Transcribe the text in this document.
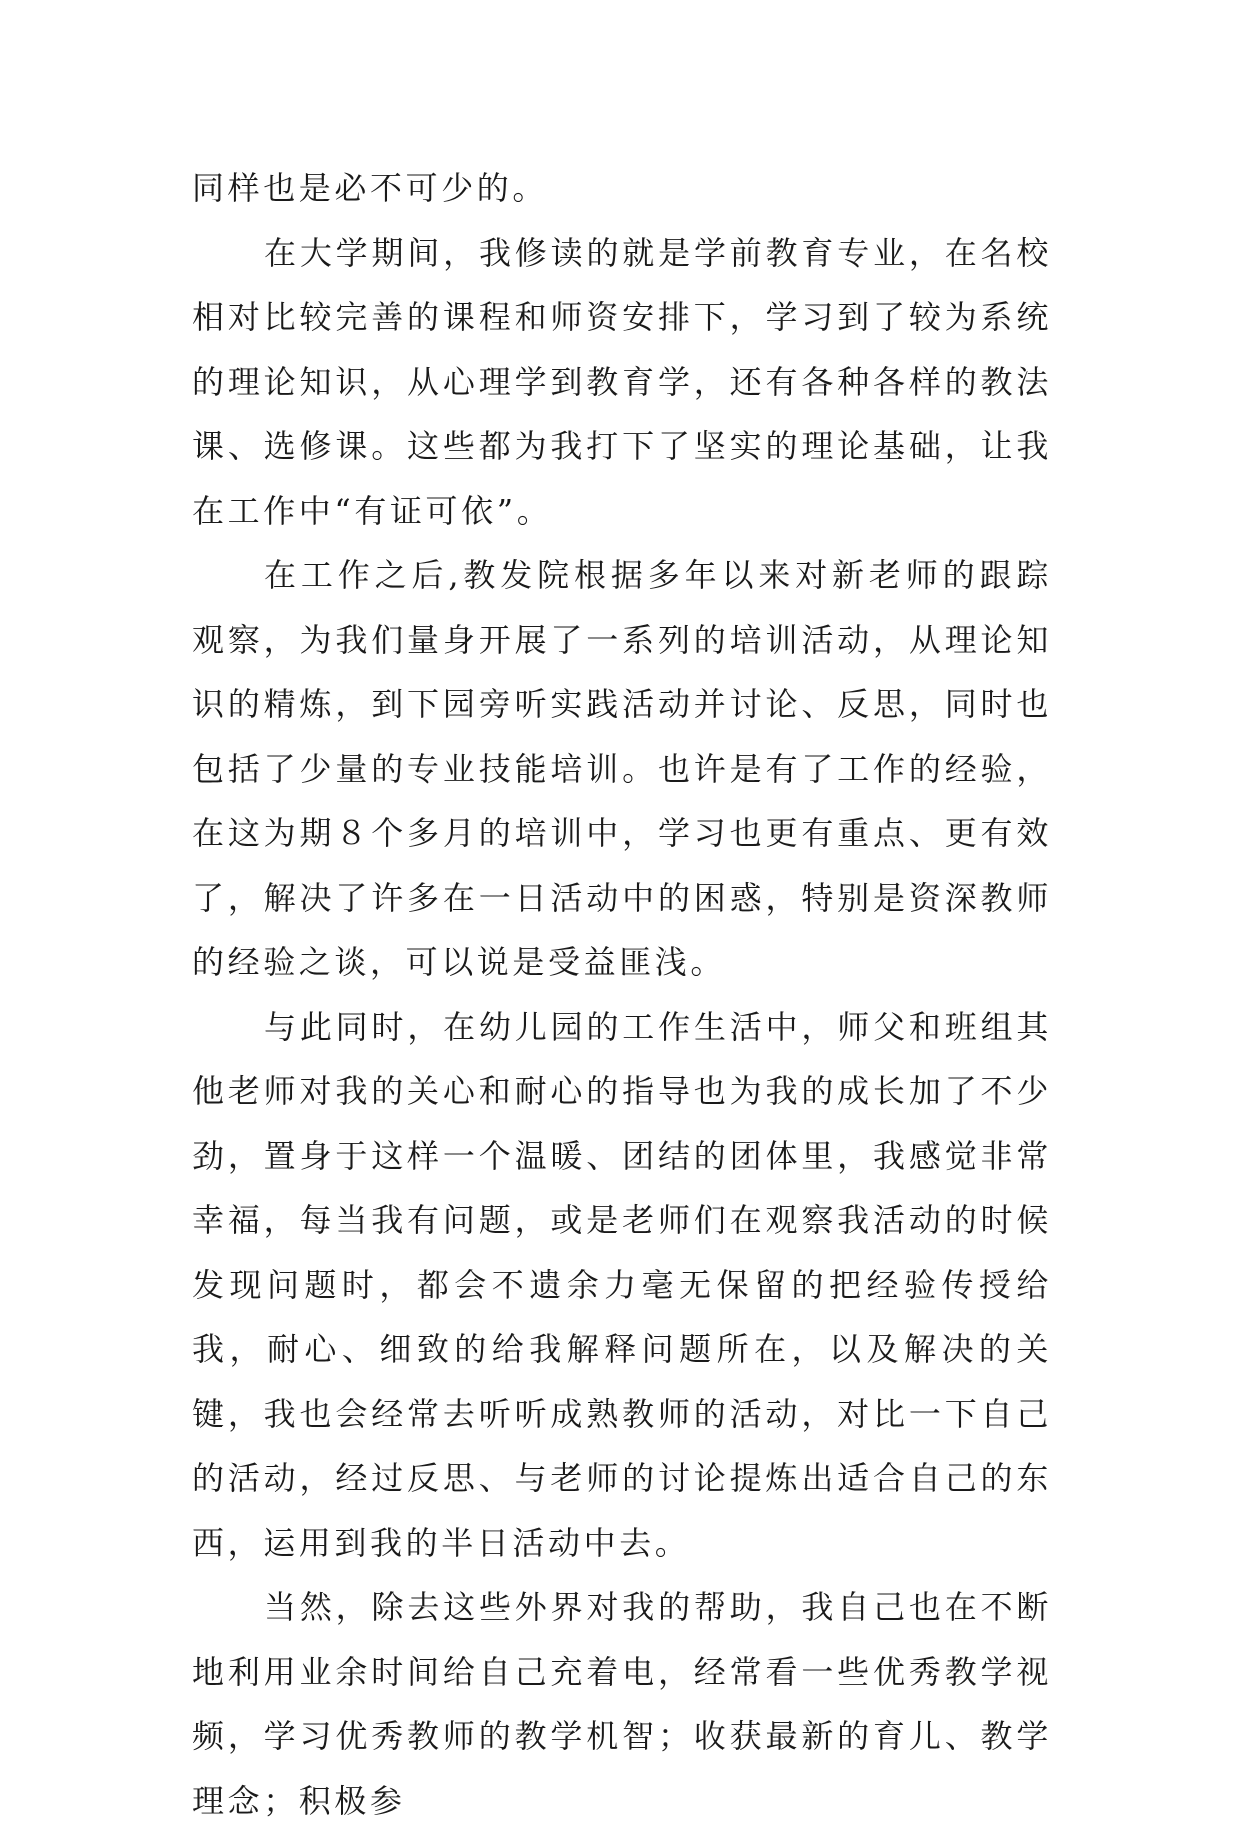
同样也是必不可少的。

在大学期间，我修读的就是学前教育专业，在名校相对比较完善的课程和师资安排下，学习到了较为系统的理论知识，从心理学到教育学，还有各种各样的教法课、选修课。这些都为我打下了坚实的理论基础，让我在工作中“有证可依”。

在工作之后,教发院根据多年以来对新老师的跟踪观察，为我们量身开展了一系列的培训活动，从理论知识的精炼，到下园旁听实践活动并讨论、反思，同时也包括了少量的专业技能培训。也许是有了工作的经验，在这为期８个多月的培训中，学习也更有重点、更有效了，解决了许多在一日活动中的困惑，特别是资深教师的经验之谈，可以说是受益匪浅。

与此同时，在幼儿园的工作生活中，师父和班组其他老师对我的关心和耐心的指导也为我的成长加了不少劲，置身于这样一个温暖、团结的团体里，我感觉非常幸福，每当我有问题，或是老师们在观察我活动的时候发现问题时，都会不遗余力毫无保留的把经验传授给我，耐心、细致的给我解释问题所在，以及解决的关键，我也会经常去听听成熟教师的活动，对比一下自己的活动，经过反思、与老师的讨论提炼出适合自己的东西，运用到我的半日活动中去。

当然，除去这些外界对我的帮助，我自己也在不断地利用业余时间给自己充着电，经常看一些优秀教学视频，学习优秀教师的教学机智；收获最新的育儿、教学理念；积极参
